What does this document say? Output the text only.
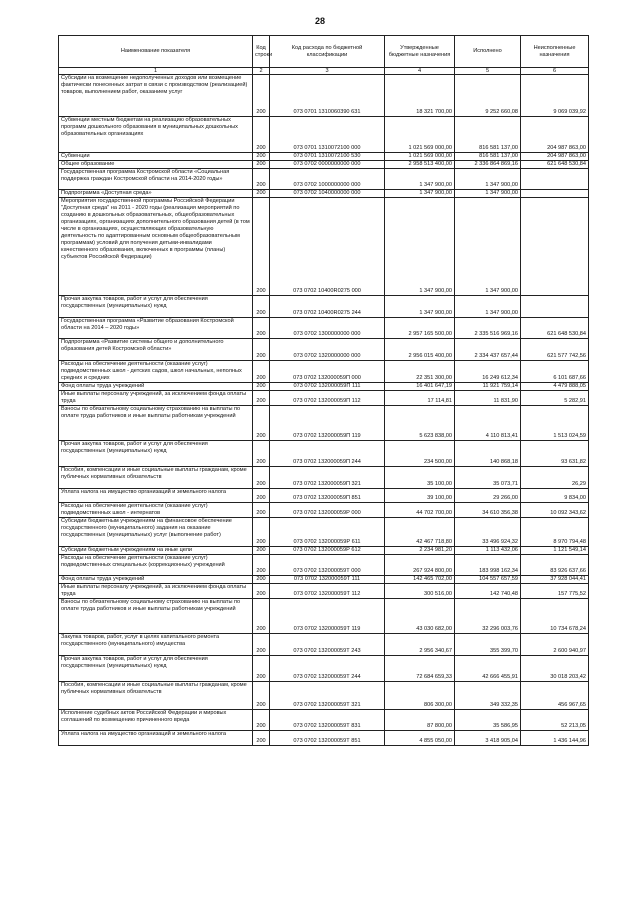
28
Наименование показателя	Код строки	Код расхода по бюджетной классификации	Утвержденные бюджетные назначения	Исполнено	Неисполненные назначения
1	2	3	4	5	6
Субсидии на возмещение недополученных доходов или возмещение фактически понесенных затрат в связи с производством (реализацией) товаров, выполнением работ, оказанием услуг	200	073 0701 1310060390 631	18 321 700,00	9 252 660,08	9 069 039,92
Субвенции местным бюджетам на реализацию образовательных программ дошкольного образования в муниципальных дошкольных образовательных организациях	200	073 0701 1310072100 000	1 021 569 000,00	816 581 137,00	204 987 863,00
Субвенции	200	073 0701 1310072100 530	1 021 569 000,00	816 581 137,00	204 987 863,00
Общее образование	200	073 0702 0000000000 000	2 958 513 400,00	2 336 864 869,16	621 648 530,84
Государственная программа Костромской области «Социальная поддержка граждан Костромской области на 2014-2020 годы»	200	073 0702 1000000000 000	1 347 900,00	1 347 900,00	
Подпрограмма «Доступная среда»	200	073 0702 1040000000 000	1 347 900,00	1 347 900,00	
Мероприятия государственной программы Российской Федерации "Доступная среда" на 2011 - 2020 годы (реализация мероприятий по созданию в дошкольных образовательных, общеобразовательных организациях, организациях дополнительного образования детей (в том числе в организациях, осуществляющих образовательную деятельность по адаптированным основным общеобразовательным программам) условий для получения детьми-инвалидами качественного образования, включенных в программы (планы) субъектов Российской Федерации)	200	073 0702 10400R0275 000	1 347 900,00	1 347 900,00	
Прочая закупка товаров, работ и услуг для обеспечения государственных (муниципальных) нужд	200	073 0702 10400R0275 244	1 347 900,00	1 347 900,00	
Государственная программа «Развитие образования Костромской области на 2014 – 2020 годы»	200	073 0702 1300000000 000	2 957 165 500,00	2 335 516 969,16	621 648 530,84
Подпрограмма «Развитие системы общего и дополнительного образования детей Костромской области»	200	073 0702 1320000000 000	2 956 015 400,00	2 334 437 657,44	621 577 742,56
Расходы на обеспечение деятельности (оказание услуг) подведомственных школ - детских садов, школ начальных, неполных средних и средних	200	073 0702 132000059П 000	22 351 300,00	16 249 612,34	6 101 687,66
Фонд оплаты труда учреждений	200	073 0702 132000059П 111	16 401 647,19	11 921 759,14	4 479 888,05
Иные выплаты персоналу учреждений, за исключением фонда оплаты труда	200	073 0702 132000059П 112	17 114,81	11 831,90	5 282,91
Взносы по обязательному социальному страхованию на выплаты по оплате труда работников и иные выплаты работникам учреждений	200	073 0702 132000059П 119	5 623 838,00	4 110 813,41	1 513 024,59
Прочая закупка товаров, работ и услуг для обеспечения государственных (муниципальных) нужд	200	073 0702 132000059П 244	234 500,00	140 868,18	93 631,82
Пособия, компенсации и иные социальные выплаты гражданам, кроме публичных нормативных обязательств	200	073 0702 132000059П 321	35 100,00	35 073,71	26,29
Уплата налога на имущество организаций и земельного налога	200	073 0702 132000059П 851	39 100,00	29 266,00	9 834,00
Расходы на обеспечение деятельности (оказание услуг) подведомственных школ - интернатов	200	073 0702 132000059Р 000	44 702 700,00	34 610 356,38	10 092 343,62
Субсидии бюджетным учреждениям на финансовое обеспечение государственного (муниципального) задания на оказание государственных (муниципальных) услуг (выполнение работ)	200	073 0702 132000059Р 611	42 467 718,80	33 496 924,32	8 970 794,48
Субсидии бюджетным учреждениям на иные цели	200	073 0702 132000059Р 612	2 234 981,20	1 113 432,06	1 121 549,14
Расходы на обеспечение деятельности (оказание услуг) подведомственных специальных (коррекционных) учреждений	200	073 0702 132000059Т 000	267 924 800,00	183 998 162,34	83 926 637,66
Фонд оплаты труда учреждений	200	073 0702 132000059Т 111	142 465 702,00	104 557 657,59	37 928 044,41
Иные выплаты персоналу учреждений, за исключением фонда оплаты труда	200	073 0702 132000059Т 112	300 516,00	142 740,48	157 775,52
Взносы по обязательному социальному страхованию на выплаты по оплате труда работников и иные выплаты работникам учреждений	200	073 0702 132000059Т 119	43 030 682,00	32 296 003,76	10 734 678,24
Закупка товаров, работ, услуг в целях капитального ремонта государственного (муниципального) имущества	200	073 0702 132000059Т 243	2 956 340,67	355 399,70	2 600 940,97
Прочая закупка товаров, работ и услуг для обеспечения государственных (муниципальных) нужд	200	073 0702 132000059Т 244	72 684 659,33	42 666 455,91	30 018 203,42
Пособия, компенсации и иные социальные выплаты гражданам, кроме публичных нормативных обязательств	200	073 0702 132000059Т 321	806 300,00	349 332,35	456 967,65
Исполнение судебных актов Российской Федерации и мировых соглашений по возмещению причиненного вреда	200	073 0702 132000059Т 831	87 800,00	35 586,95	52 213,05
Уплата налога на имущество организаций и земельного налога	200	073 0702 132000059Т 851	4 855 050,00	3 418 905,04	1 436 144,96
